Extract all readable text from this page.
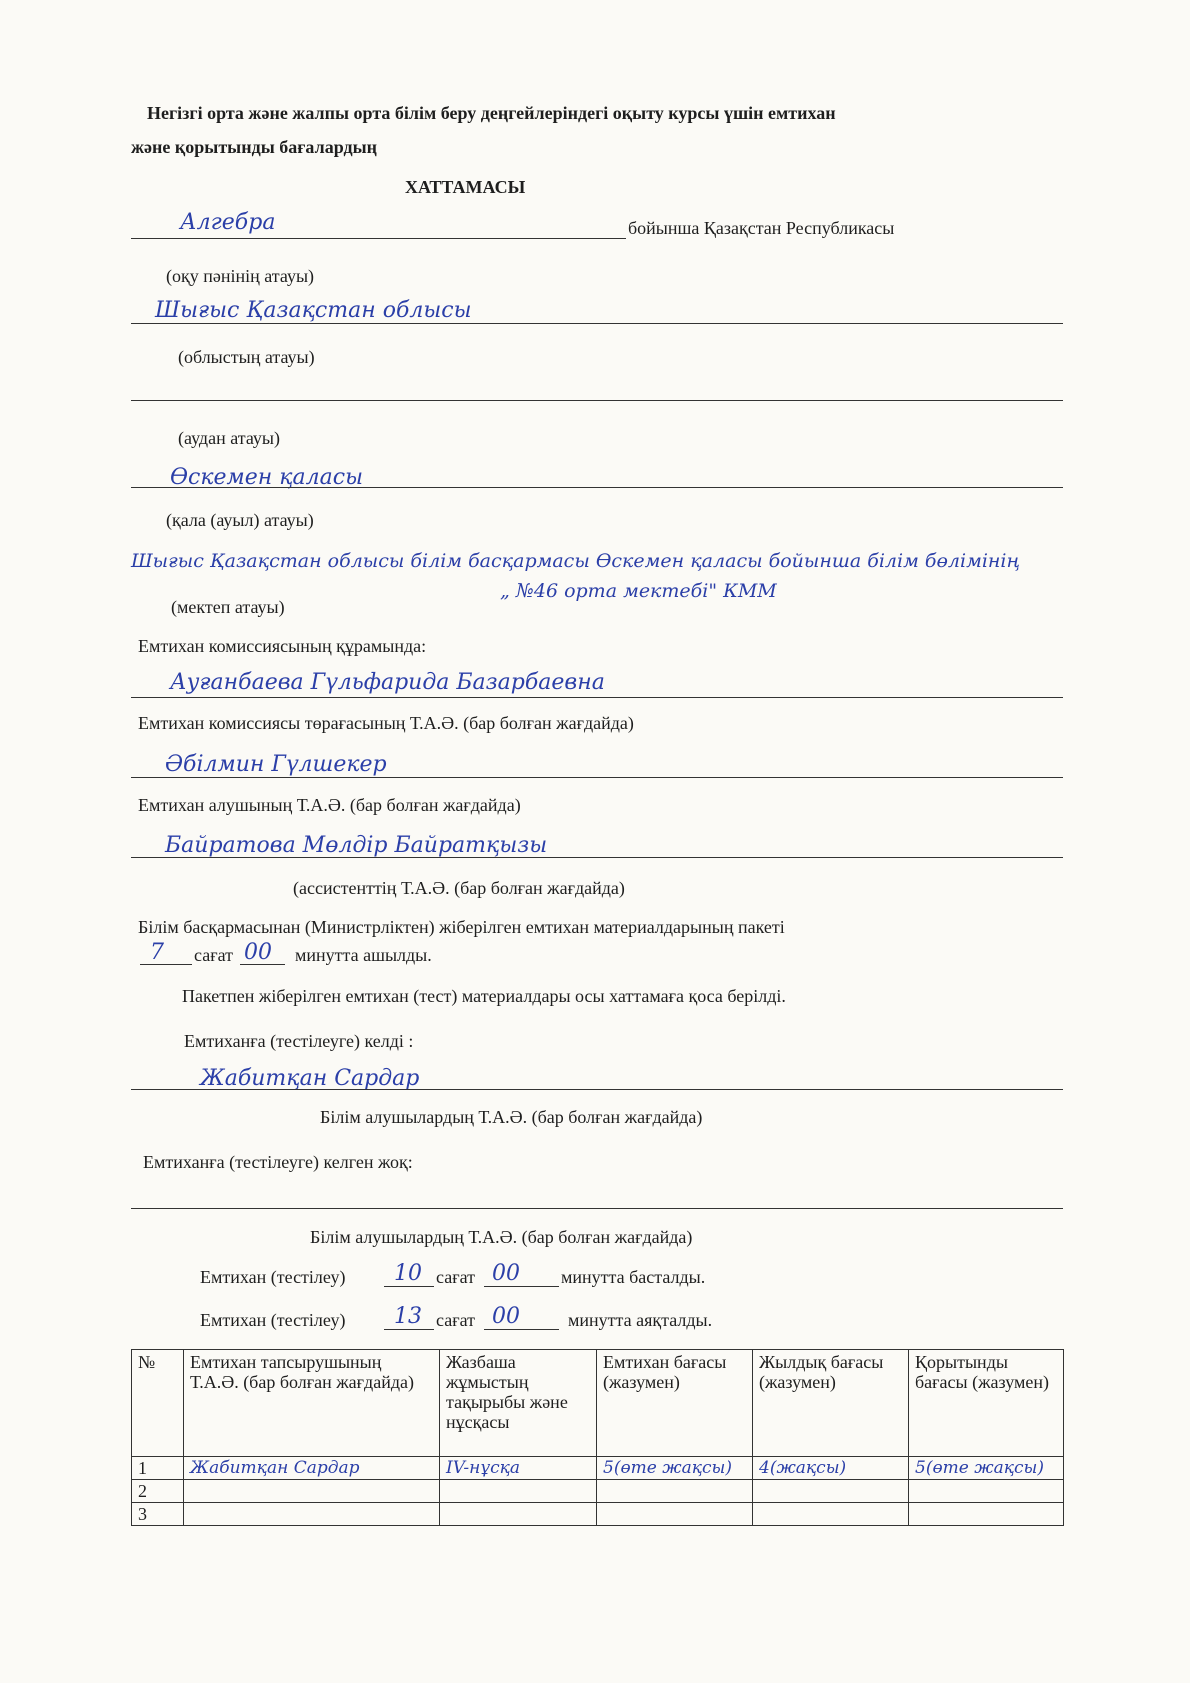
Негізгі орта және жалпы орта білім беру деңгейлеріндегі оқыту курсы үшін емтихан
және қорытынды бағалардың
ХАТТАМАСЫ
Алгебра	бойынша Қазақстан Республикасы
(оқу пәнінің атауы)
Шығыс Қазақстан облысы
(облыстың атауы)
(аудан атауы)
Өскемен қаласы
(қала (ауыл) атауы)
Шығыс Қазақстан облысы білім басқармасы Өскемен қаласы бойынша білім бөлімінің
„ №46 орта мектебі" КММ
(мектеп атауы)
Емтихан комиссиясының құрамында:
Ауғанбаева Гүльфарида Базарбаевна
Емтихан комиссиясы төрағасының Т.А.Ә. (бар болған жағдайда)
Әбілмин Гүлшекер
Емтихан алушының Т.А.Ә. (бар болған жағдайда)
Байратова Мөлдір Байратқызы
(ассистенттің Т.А.Ә. (бар болған жағдайда)
Білім басқармасынан (Министрліктен) жіберілген емтихан материалдарының пакеті
7 сағат 00 минутта ашылды.
Пакетпен жіберілген емтихан (тест) материалдары осы хаттамаға қоса берілді.
Емтиханға (тестілеуге) келді :
Жабитқан Сардар
Білім алушылардың Т.А.Ә. (бар болған жағдайда)
Емтиханға (тестілеуге) келген жоқ:
Білім алушылардың Т.А.Ә. (бар болған жағдайда)
Емтихан (тестілеу) 10 сағат 00 минутта басталды.
Емтихан (тестілеу) 13 сағат 00	минутта аяқталды.
№	Емтихан тапсырушының Т.А.Ә. (бар болған жағдайда)	Жазбаша жұмыстың тақырыбы және нұсқасы	Емтихан бағасы (жазумен)	Жылдық бағасы (жазумен)	Қорытынды бағасы (жазумен)
1	Жабитқан Сардар	IV-нұсқа	5(өте жақсы)	4(жақсы)	5(өте жақсы)
2					
3					
